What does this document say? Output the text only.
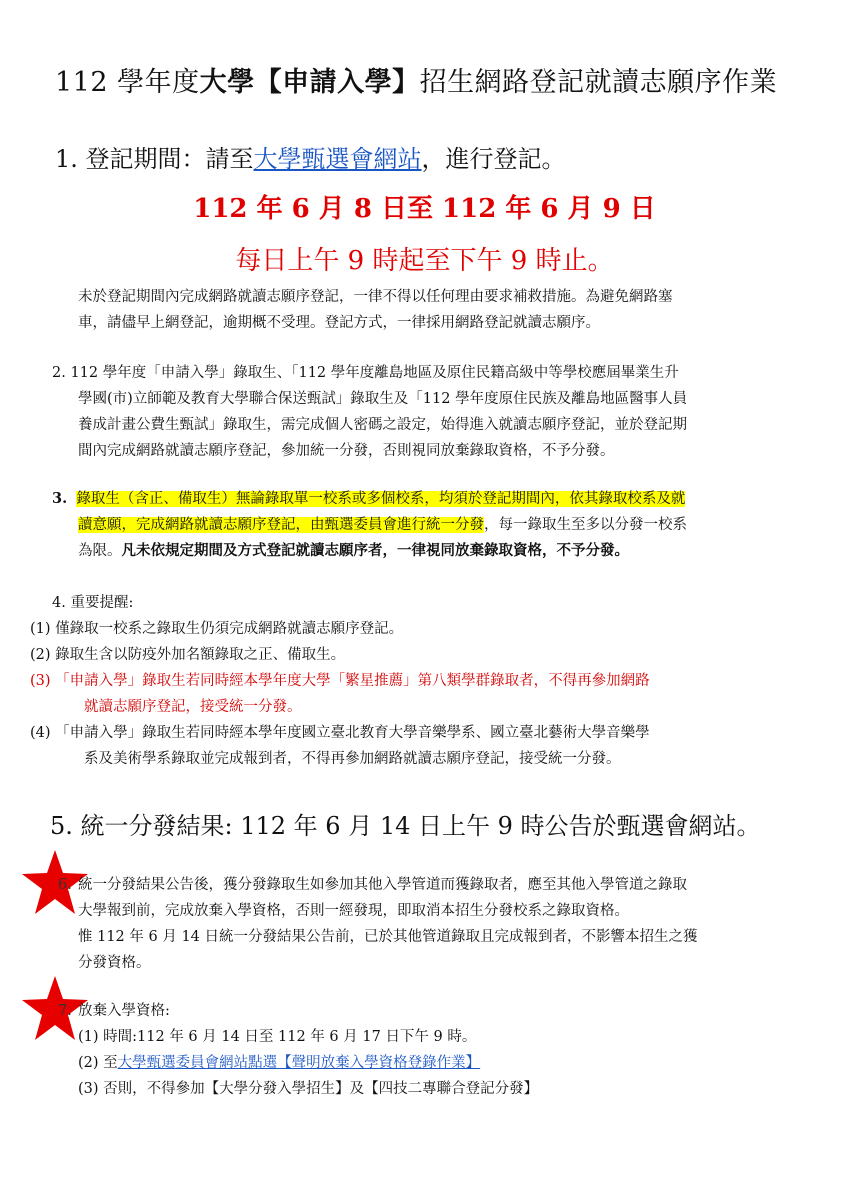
112 學年度大學【申請入學】招生網路登記就讀志願序作業
1. 登記期間：請至大學甄選會網站，進行登記。
112 年 6 月 8 日至 112 年 6 月 9 日
每日上午 9 時起至下午 9 時止。
未於登記期間內完成網路就讀志願序登記，一律不得以任何理由要求補救措施。為避免網路塞
車，請儘早上網登記，逾期概不受理。登記方式，一律採用網路登記就讀志願序。
2. 112 學年度「申請入學」錄取生、「112 學年度離島地區及原住民籍高級中等學校應屆畢業生升
學國(市)立師範及教育大學聯合保送甄試」錄取生及「112 學年度原住民族及離島地區醫事人員
養成計畫公費生甄試」錄取生，需完成個人密碼之設定，始得進入就讀志願序登記，並於登記期
間內完成網路就讀志願序登記，參加統一分發，否則視同放棄錄取資格，不予分發。
3. 錄取生（含正、備取生）無論錄取單一校系或多個校系，均須於登記期間內，依其錄取校系及就
讀意願，完成網路就讀志願序登記，由甄選委員會進行統一分發，每一錄取生至多以分發一校系
為限。凡未依規定期間及方式登記就讀志願序者，一律視同放棄錄取資格，不予分發。
4. 重要提醒:
(1) 僅錄取一校系之錄取生仍須完成網路就讀志願序登記。
(2) 錄取生含以防疫外加名額錄取之正、備取生。
(3) 「申請入學」錄取生若同時經本學年度大學「繁星推薦」第八類學群錄取者，不得再參加網路
就讀志願序登記，接受統一分發。
(4) 「申請入學」錄取生若同時經本學年度國立臺北教育大學音樂學系、國立臺北藝術大學音樂學
系及美術學系錄取並完成報到者，不得再參加網路就讀志願序登記，接受統一分發。
5. 統一分發結果: 112 年 6 月 14 日上午 9 時公告於甄選會網站。
6. 統一分發結果公告後，獲分發錄取生如參加其他入學管道而獲錄取者，應至其他入學管道之錄取
大學報到前，完成放棄入學資格，否則一經發現，即取消本招生分發校系之錄取資格。
惟 112 年 6 月 14 日統一分發結果公告前，已於其他管道錄取且完成報到者，不影響本招生之獲
分發資格。
7. 放棄入學資格:
(1) 時間:112 年 6 月 14 日至 112 年 6 月 17 日下午 9 時。
(2) 至大學甄選委員會網站點選【聲明放棄入學資格登錄作業】
(3) 否則，不得參加【大學分發入學招生】及【四技二專聯合登記分發】
